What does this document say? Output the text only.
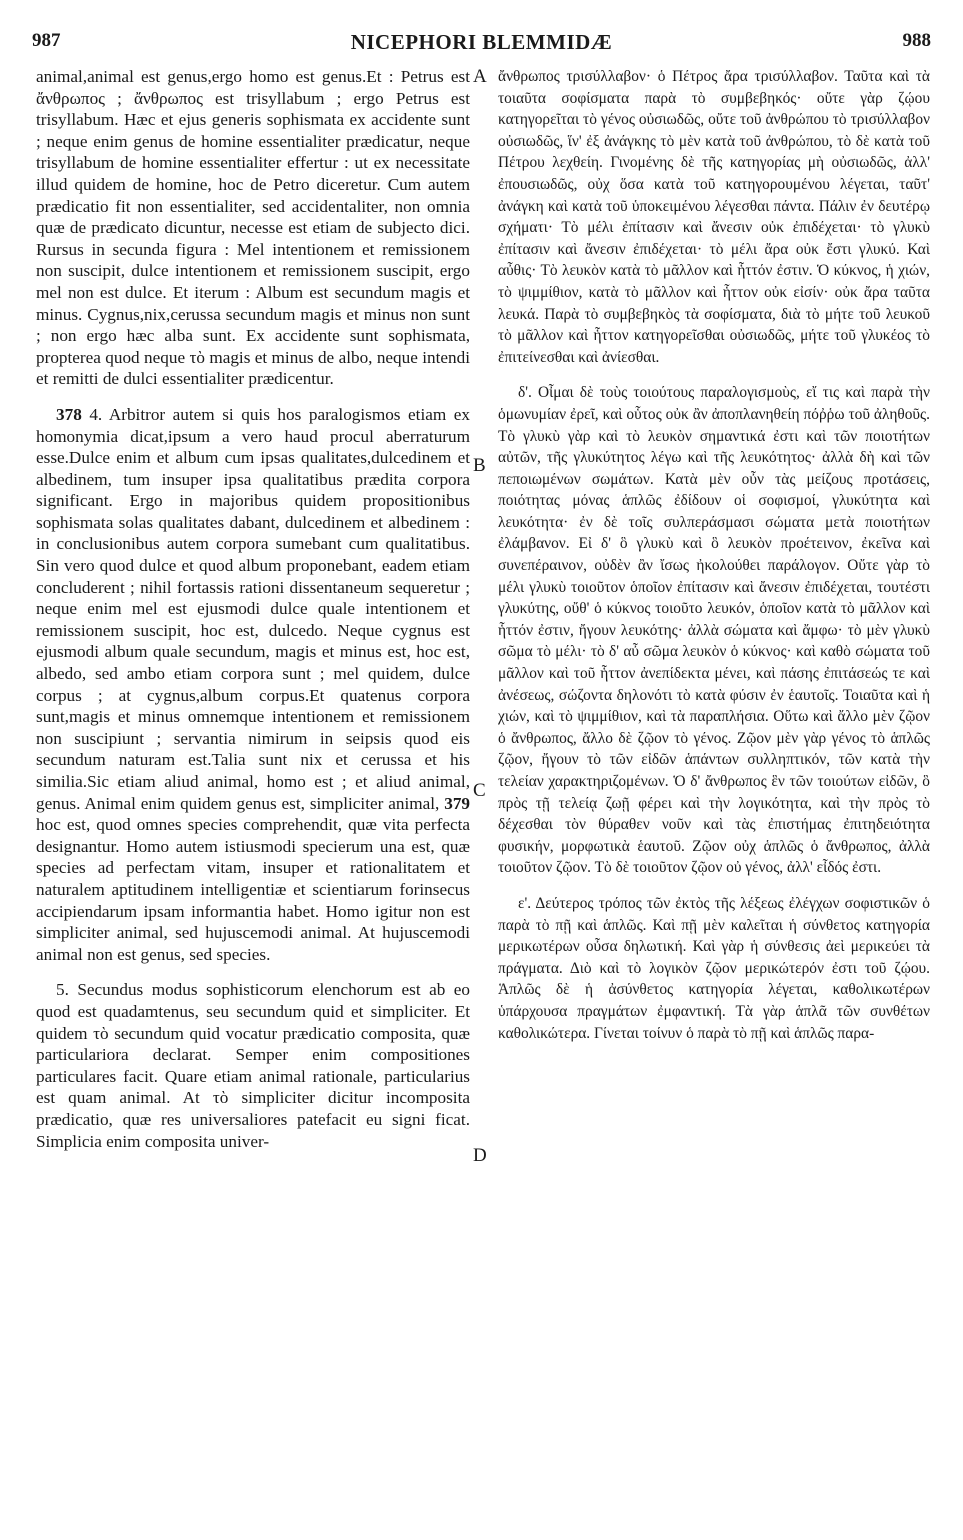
987	NICEPHORI BLEMMIDÆ	988

animal,animal est genus,ergo homo est genus.Et : Petrus est ἄνθρωπος ; ἄνθρωπος est trisyllabum ; ergo Petrus est trisyllabum. Hæc et ejus generis sophismata ex accidente sunt ; neque enim genus de homine essentialiter prædicatur, neque trisyllabum de homine essentialiter effertur : ut ex necessitate illud quidem de homine, hoc de Petro diceretur. Cum autem prædicatio fit non essentialiter, sed accidentaliter, non omnia quæ de prædicato dicuntur, necesse est etiam de subjecto dici. Rursus in secunda figura : Mel intentionem et remissionem non suscipit, dulce intentionem et remissionem suscipit, ergo mel non est dulce. Et iterum : Album est secundum magis et minus. Cygnus,nix,cerussa secundum magis et minus non sunt ; non ergo hæc alba sunt. Ex accidente sunt sophismata, propterea quod neque τὸ magis et minus de albo, neque intendi et remitti de dulci essentialiter prædicentur.

378 4. Arbitror autem si quis hos paralogismos etiam ex homonymia dicat,ipsum a vero haud procul aberraturum esse.Dulce enim et album cum ipsas qualitates,dulcedinem et albedinem, tum insuper ipsa qualitatibus prædita corpora significant. Ergo in majoribus quidem propositionibus sophismata solas qualitates dabant, dulcedinem et albedinem : in conclusionibus autem corpora sumebant cum qualitatibus. Sin vero quod dulce et quod album proponebant, eadem etiam concluderent ; nihil fortassis rationi dissentaneum sequeretur ; neque enim mel est ejusmodi dulce quale intentionem et remissionem suscipit, hoc est, dulcedo. Neque cygnus est ejusmodi album quale secundum, magis et minus est, hoc est, albedo, sed ambo etiam corpora sunt ; mel quidem, dulce corpus ; at cygnus,album corpus.Et quatenus corpora sunt,magis et minus omnemque intentionem et remissionem non suscipiunt ; servantia nimirum in seipsis quod eis secundum naturam est.Talia sunt nix et cerussa et his similia.Sic etiam aliud animal, homo est ; et aliud animal, genus. Animal enim quidem genus est, simpliciter animal, 379 hoc est, quod omnes species comprehendit, quæ vita perfecta designantur. Homo autem istiusmodi specierum una est, quæ species ad perfectam vitam, insuper et rationalitatem et naturalem aptitudinem intelligentiæ et scientiarum forinsecus accipiendarum ipsam informantia habet. Homo igitur non est simpliciter animal, sed hujuscemodi animal. At hujuscemodi animal non est genus, sed species.

5. Secundus modus sophisticorum elenchorum est ab eo quod est quadamtenus, seu secundum quid et simpliciter. Et quidem τὸ secundum quid vocatur prædicatio composita, quæ particulariora declarat. Semper enim compositiones particulares facit. Quare etiam animal rationale, particularius est quam animal. At τὸ simpliciter dicitur incomposita prædicatio, quæ res universaliores patefacit eu signi ficat. Simplicia enim composita univer-

A
B
C
D

ἄνθρωπος τρισύλλαβον· ὁ Πέτρος ἄρα τρισύλλαβον. Ταῦτα καὶ τὰ τοιαῦτα σοφίσματα παρὰ τὸ συμβεβηκός· οὔτε γὰρ ζῴου κατηγορεῖται τὸ γένος οὐσιωδῶς, οὔτε τοῦ ἀνθρώπου τὸ τρισύλλαβον οὐσιωδῶς, ἵν' ἐξ ἀνάγκης τὸ μὲν κατὰ τοῦ ἀνθρώπου, τὸ δὲ κατὰ τοῦ Πέτρου λεχθείη. Γινομένης δὲ τῆς κατηγορίας μὴ οὐσιωδῶς, ἀλλ' ἐπουσιωδῶς, οὐχ ὅσα κατὰ τοῦ κατηγορουμένου λέγεται, ταῦτ' ἀνάγκη καὶ κατὰ τοῦ ὑποκειμένου λέγεσθαι πάντα. Πάλιν ἐν δευτέρῳ σχήματι· Τὸ μέλι ἐπίτασιν καὶ ἄνεσιν οὐκ ἐπιδέχεται· τὸ γλυκὺ ἐπίτασιν καὶ ἄνεσιν ἐπιδέχεται· τὸ μέλι ἄρα οὐκ ἔστι γλυκύ. Καὶ αὖθις· Τὸ λευκὸν κατὰ τὸ μᾶλλον καὶ ἧττόν ἐστιν. Ὁ κύκνος, ἡ χιών, τὸ ψιμμίθιον, κατὰ τὸ μᾶλλον καὶ ἧττον οὐκ εἰσίν· οὐκ ἄρα ταῦτα λευκά. Παρὰ τὸ συμβεβηκὸς τὰ σοφίσματα, διὰ τὸ μήτε τοῦ λευκοῦ τὸ μᾶλλον καὶ ἧττον κατηγορεῖσθαι οὐσιωδῶς, μήτε τοῦ γλυκέος τὸ ἐπιτείνεσθαι καὶ ἀνίεσθαι.

δ'. Οἶμαι δὲ τοὺς τοιούτους παραλογισμοὺς, εἴ τις καὶ παρὰ τὴν ὁμωνυμίαν ἐρεῖ, καὶ οὗτος οὐκ ἂν ἀποπλανηθείη πόῤῥω τοῦ ἀληθοῦς. Τὸ γλυκὺ γὰρ καὶ τὸ λευκὸν σημαντικά ἐστι καὶ τῶν ποιοτήτων αὐτῶν, τῆς γλυκύτητος λέγω καὶ τῆς λευκότητος· ἀλλὰ δὴ καὶ τῶν πεποιωμένων σωμάτων. Κατὰ μὲν οὖν τὰς μείζους προτάσεις, ποιότητας μόνας ἁπλῶς ἐδίδουν οἱ σοφισμοί, γλυκύτητα καὶ λευκότητα· ἐν δὲ τοῖς συλπεράσμασι σώματα μετὰ ποιοτήτων ἐλάμβανον. Εἰ δ' ὃ γλυκὺ καὶ ὃ λευκὸν προέτεινον, ἐκεῖνα καὶ συνεπέραινον, οὐδὲν ἂν ἴσως ἠκολούθει παράλογον. Οὔτε γὰρ τὸ μέλι γλυκὺ τοιοῦτον ὁποῖον ἐπίτασιν καὶ ἄνεσιν ἐπιδέχεται, τουτέστι γλυκύτης, οὔθ' ὁ κύκνος τοιοῦτο λευκόν, ὁποῖον κατὰ τὸ μᾶλλον καὶ ἧττόν ἐστιν, ἤγουν λευκότης· ἀλλὰ σώματα καὶ ἄμφω· τὸ μὲν γλυκὺ σῶμα τὸ μέλι· τὸ δ' αὖ σῶμα λευκὸν ὁ κύκνος· καὶ καθὸ σώματα τοῦ μᾶλλον καὶ τοῦ ἧττον ἀνεπίδεκτα μένει, καὶ πάσης ἐπιτάσεώς τε καὶ ἀνέσεως, σώζοντα δηλονότι τὸ κατὰ φύσιν ἐν ἑαυτοῖς. Τοιαῦτα καὶ ἡ χιών, καὶ τὸ ψιμμίθιον, καὶ τὰ παραπλήσια. Οὕτω καὶ ἄλλο μὲν ζῷον ὁ ἄνθρωπος, ἄλλο δὲ ζῷον τὸ γένος. Ζῷον μὲν γὰρ γένος τὸ ἁπλῶς ζῷον, ἤγουν τὸ τῶν εἰδῶν ἁπάντων συλληπτικόν, τῶν κατὰ τὴν τελείαν χαρακτηριζομένων. Ὁ δ' ἄνθρωπος ἓν τῶν τοιούτων εἰδῶν, ὃ πρὸς τῇ τελείᾳ ζωῇ φέρει καὶ τὴν λογικότητα, καὶ τὴν πρὸς τὸ δέχεσθαι τὸν θύραθεν νοῦν καὶ τὰς ἐπιστήμας ἐπιτηδειότητα φυσικήν, μορφωτικὰ ἑαυτοῦ. Ζῷον οὐχ ἁπλῶς ὁ ἄνθρωπος, ἀλλὰ τοιοῦτον ζῷον. Τὸ δὲ τοιοῦτον ζῷον οὐ γένος, ἀλλ' εἶδός ἐστι.

ε'. Δεύτερος τρόπος τῶν ἐκτὸς τῆς λέξεως ἐλέγχων σοφιστικῶν ὁ παρὰ τὸ πῇ καὶ ἁπλῶς. Καὶ πῇ μὲν καλεῖται ἡ σύνθετος κατηγορία μερικωτέρων οὖσα δηλωτική. Καὶ γὰρ ἡ σύνθεσις ἀεὶ μερικεύει τὰ πράγματα. Διὸ καὶ τὸ λογικὸν ζῷον μερικώτερόν ἐστι τοῦ ζῴου. Ἁπλῶς δὲ ἡ ἀσύνθετος κατηγορία λέγεται, καθολικωτέρων ὑπάρχουσα πραγμάτων ἐμφαντική. Τὰ γὰρ ἁπλᾶ τῶν συνθέτων καθολικώτερα. Γίνεται τοίνυν ὁ παρὰ τὸ πῇ καὶ ἁπλῶς παρα-
